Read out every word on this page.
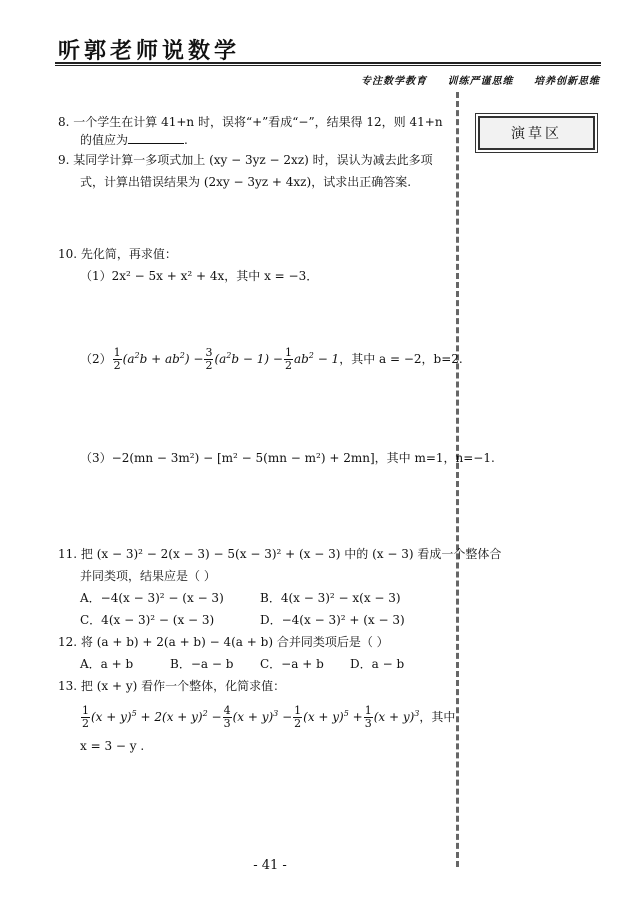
听郭老师说数学
专注数学教育 训练严谨思维 培养创新思维
演草区
8. 一个学生在计算 41+n 时，误将“+”看成“−”，结果得 12，则 41+n
的值应为	.
9. 某同学计算一多项式加上 (xy − 3yz − 2xz) 时，误认为减去此多项
式，计算出错误结果为 (2xy − 3yz + 4xz)，试求出正确答案.
10. 先化简，再求值：
（1）2x² − 5x + x² + 4x，其中 x = −3．
$(2) \frac{1}{2} (a^2b + ab^2) - \frac{3}{2} (a^2b - 1) - \frac{1}{2} ab^2 - 1$，其中 a = −2，b=2.
（3）−2(mn − 3m²) − [m² − 5(mn − m²) + 2mn]，其中 m=1，n=−1.
11. 把 (x − 3)² − 2(x − 3) − 5(x − 3)² + (x − 3) 中的 (x − 3) 看成一个整体合
并同类项，结果应是（ ）
A．−4(x − 3)² − (x − 3)	B．4(x − 3)² − x(x − 3)
C．4(x − 3)² − (x − 3)	D．−4(x − 3)² + (x − 3)
12. 将 (a + b) + 2(a + b) − 4(a + b) 合并同类项后是（ ）
A．a + b	B．−a − b C．−a + b D．a − b
13. 把 (x + y) 看作一个整体，化简求值：
$\frac{1}{2} (x + y)^5 + 2(x + y)^2 - \frac{4}{3} (x + y)^3 - \frac{1}{2} (x + y)^5 + \frac{1}{3} (x + y)^3$，其中
x = 3 − y .
- 41 -
